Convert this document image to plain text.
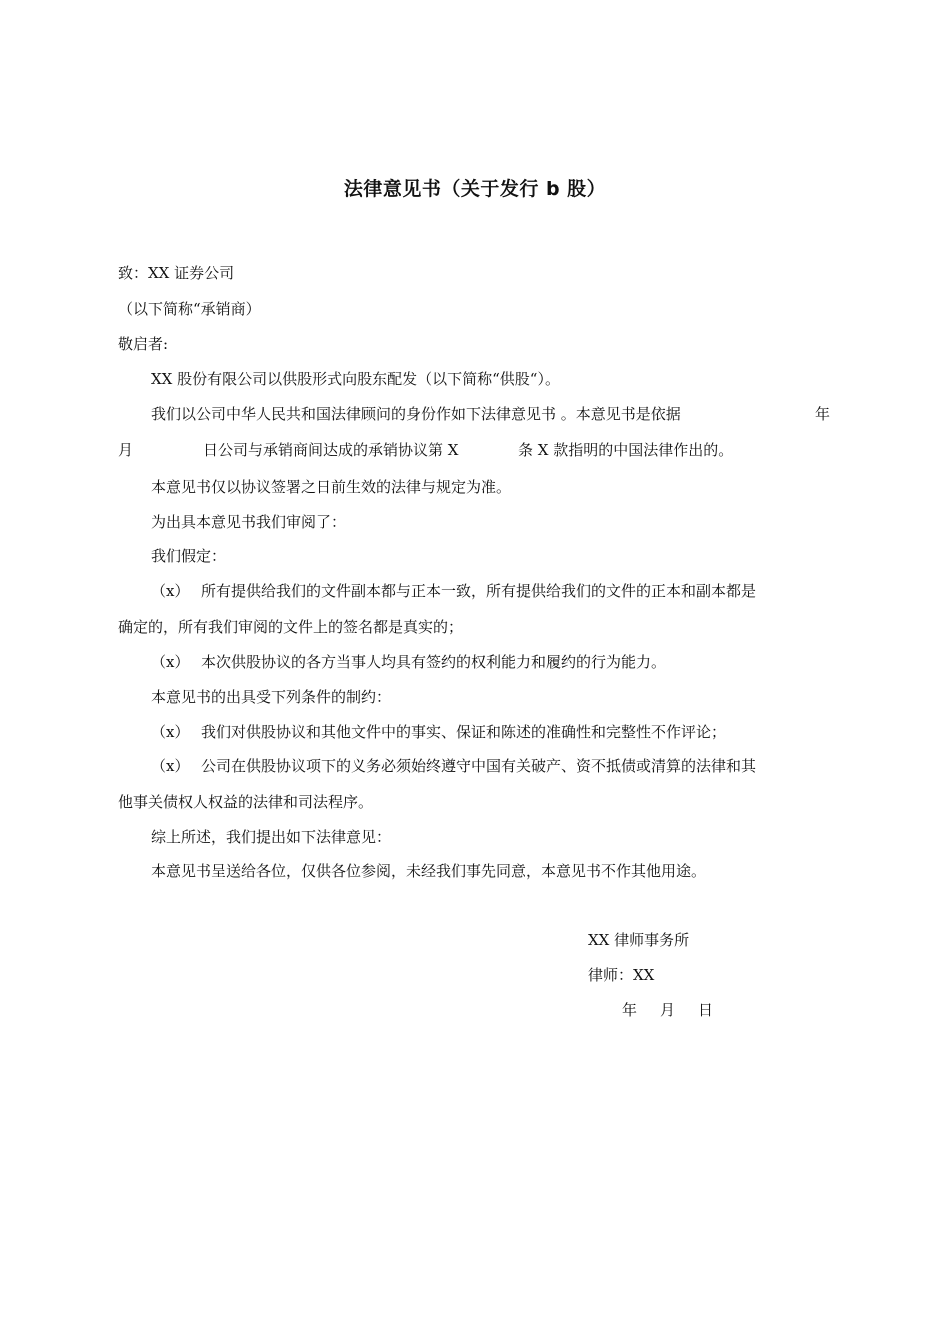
法律意见书（关于发行 b 股）

致：XX 证券公司

（以下简称“承销商）

敬启者:

XX 股份有限公司以供股形式向股东配发（以下简称“供股“）。

我们以公司中华人民共和国法律顾问的身份作如下法律意见书 。本意见书是依据	年

月	日公司与承销商间达成的承销协议第 X	条 X 款指明的中国法律作出的。

本意见书仅以协议签署之日前生效的法律与规定为准。

为出具本意见书我们审阅了：

我们假定：

（x） 所有提供给我们的文件副本都与正本一致，所有提供给我们的文件的正本和副本都是

确定的，所有我们审阅的文件上的签名都是真实的；

（x） 本次供股协议的各方当事人均具有签约的权利能力和履约的行为能力。

本意见书的出具受下列条件的制约：

（x） 我们对供股协议和其他文件中的事实、保证和陈述的准确性和完整性不作评论；

（x） 公司在供股协议项下的义务必须始终遵守中国有关破产、资不抵债或清算的法律和其

他事关债权人权益的法律和司法程序。

综上所述，我们提出如下法律意见：

本意见书呈送给各位，仅供各位参阅，未经我们事先同意，本意见书不作其他用途。

XX 律师事务所

律师：XX

年　月　日
